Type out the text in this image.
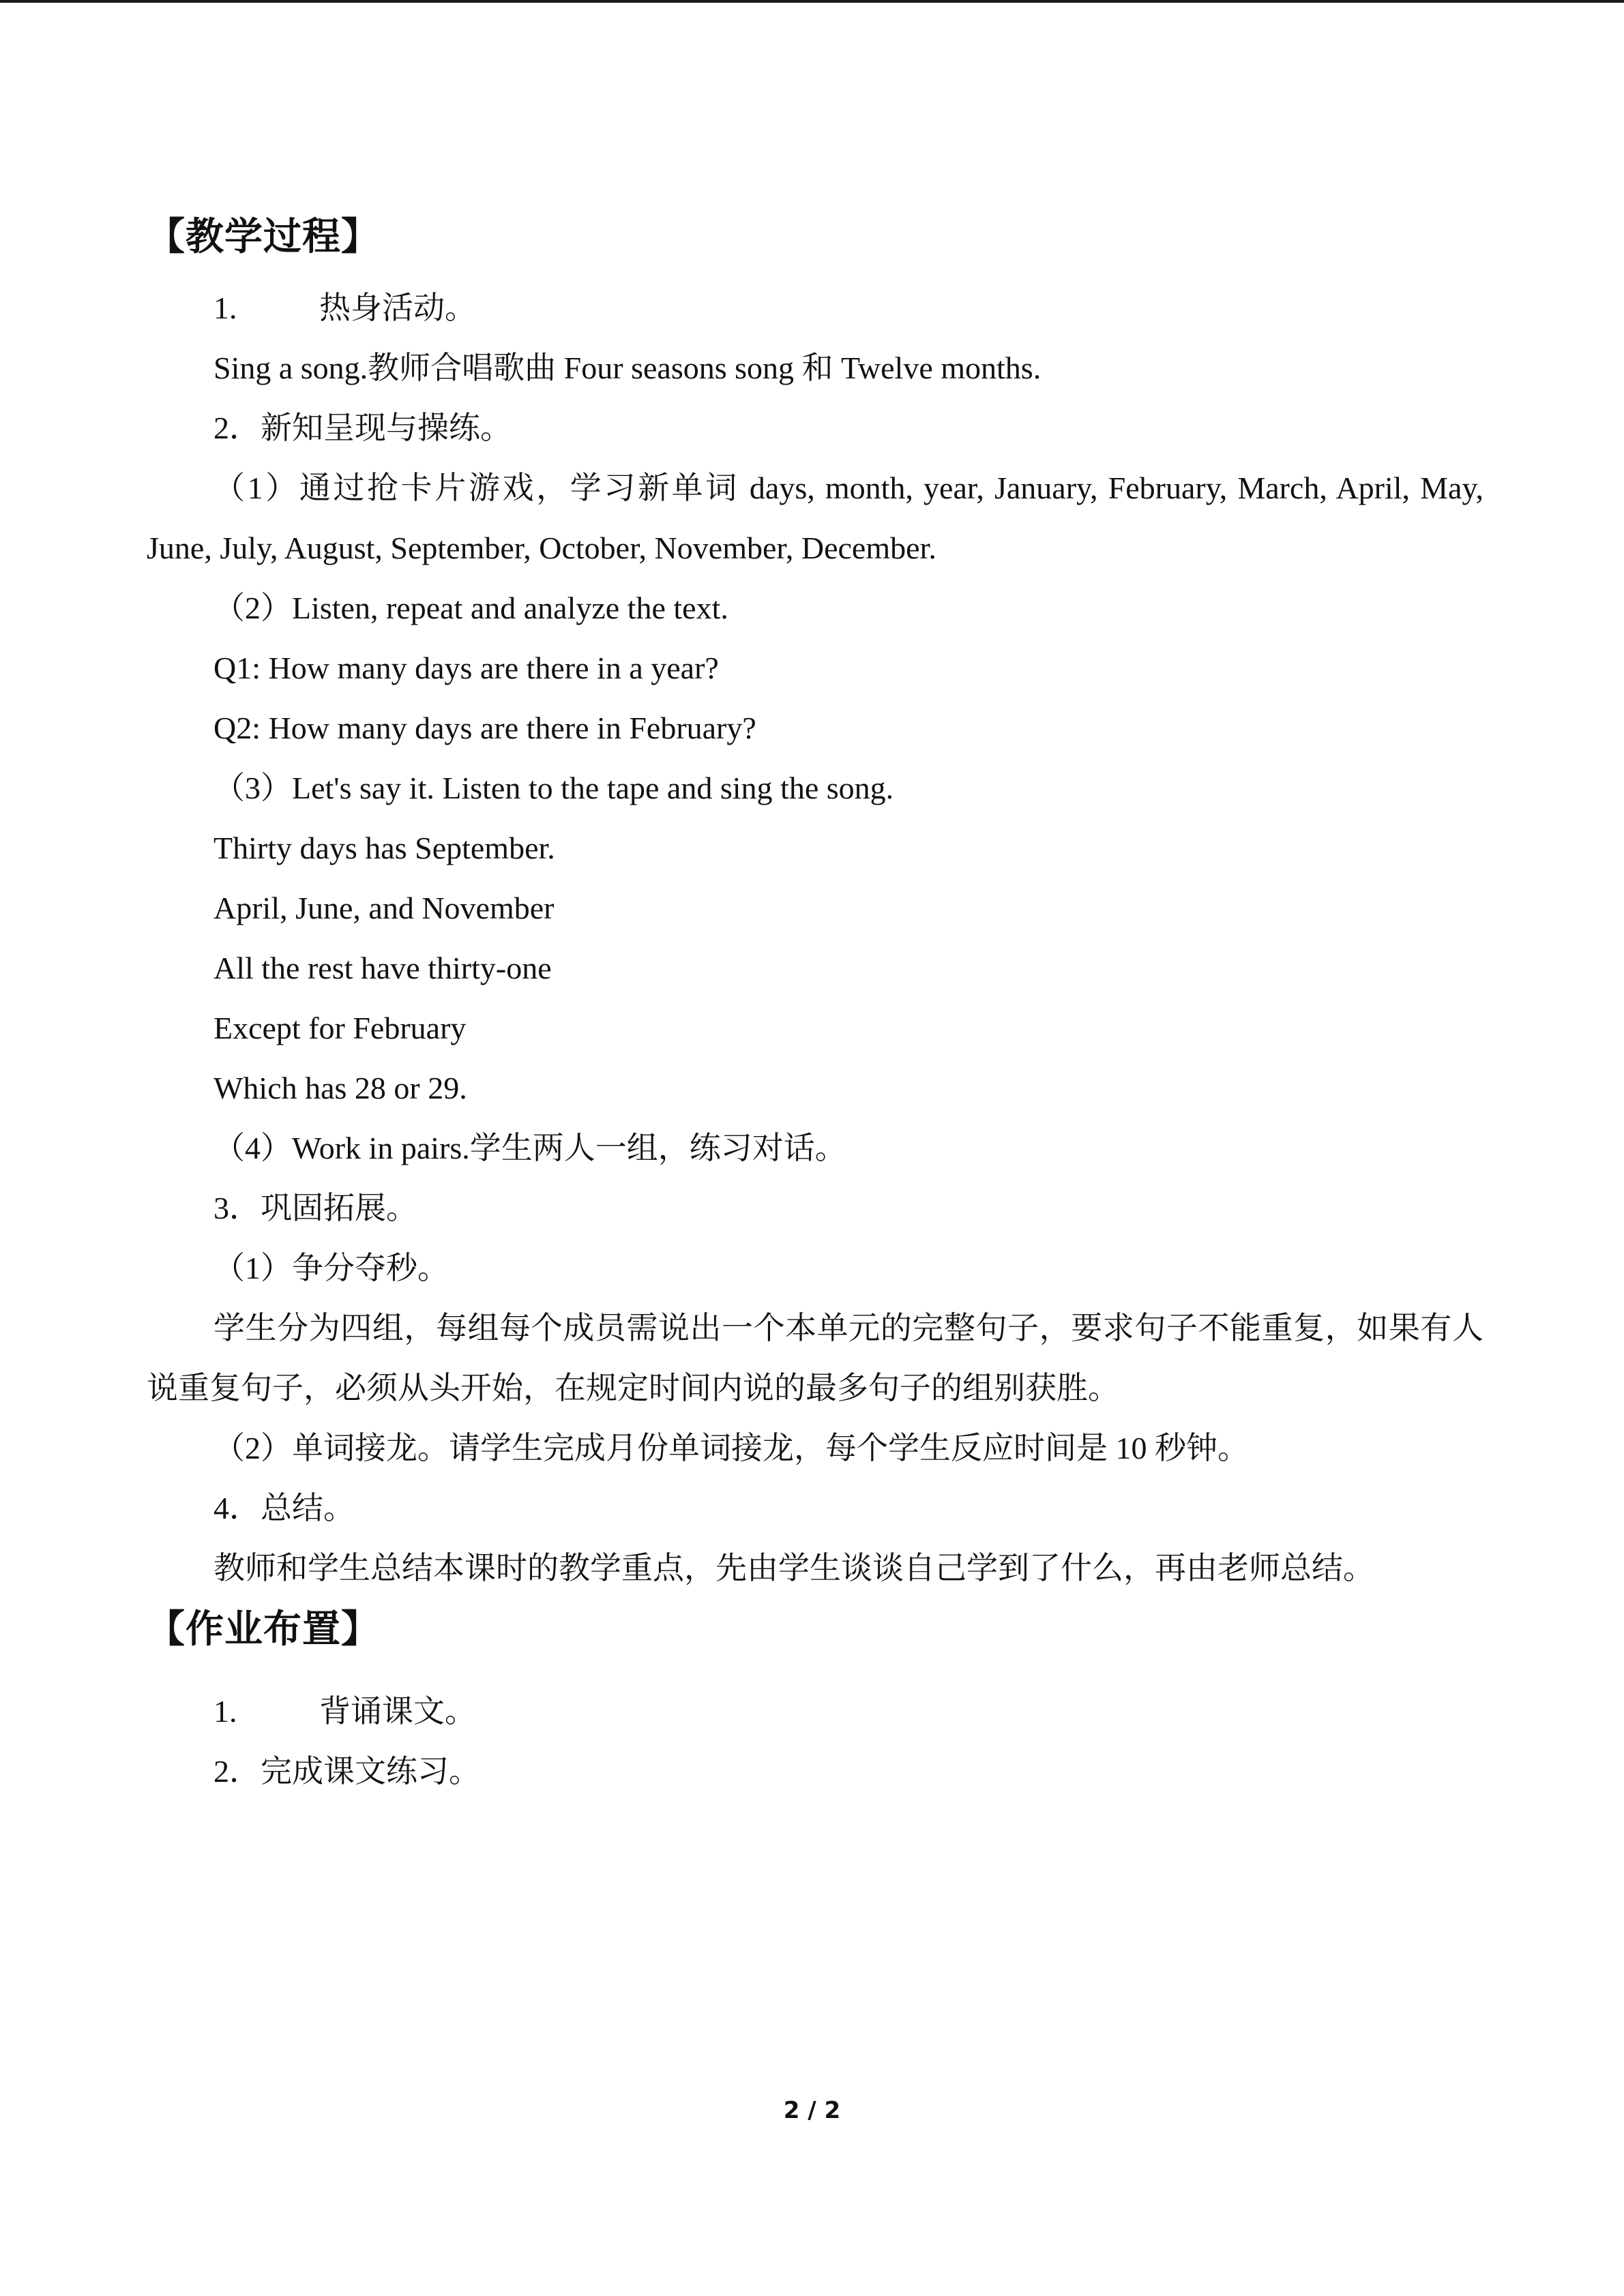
【教学过程】

1.	热身活动。

Sing a song.教师合唱歌曲 Four seasons song 和 Twelve months.

2．新知呈现与操练。

（1）通过抢卡片游戏，学习新单词 days, month, year, January, February, March, April, May, June, July, August, September, October, November, December.

（2）Listen, repeat and analyze the text.

Q1: How many days are there in a year?

Q2: How many days are there in February?

（3）Let's say it. Listen to the tape and sing the song.

Thirty days has September.

April, June, and November

All the rest have thirty-one

Except for February

Which has 28 or 29.

（4）Work in pairs.学生两人一组，练习对话。

3．巩固拓展。

（1）争分夺秒。

学生分为四组，每组每个成员需说出一个本单元的完整句子，要求句子不能重复，如果有人说重复句子，必须从头开始，在规定时间内说的最多句子的组别获胜。

（2）单词接龙。请学生完成月份单词接龙，每个学生反应时间是 10 秒钟。

4．总结。

教师和学生总结本课时的教学重点，先由学生谈谈自己学到了什么，再由老师总结。

【作业布置】

1.	背诵课文。

2．完成课文练习。

2 / 2
